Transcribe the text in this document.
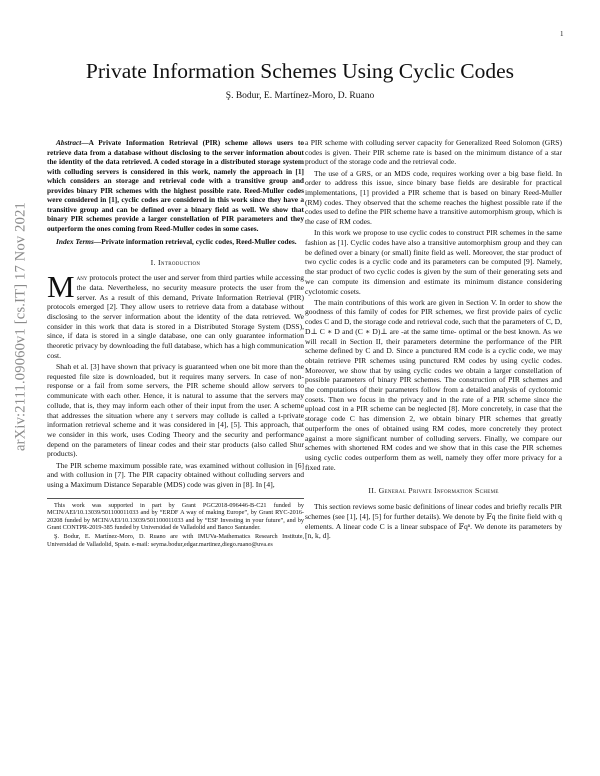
1
arXiv:2111.09060v1 [cs.IT] 17 Nov 2021
Private Information Schemes Using Cyclic Codes
Ş. Bodur, E. Martínez-Moro, D. Ruano

Abstract—A Private Information Retrieval (PIR) scheme allows users to retrieve data from a database without disclosing to the server information about the identity of the data retrieved. A coded storage in a distributed storage system with colluding servers is considered in this work, namely the approach in [1] which considers an storage and retrieval code with a transitive group and provides binary PIR schemes with the highest possible rate. Reed-Muller codes were considered in [1], cyclic codes are considered in this work since they have a transitive group and can be defined over a binary field as well. We show that binary PIR schemes provide a larger constellation of PIR parameters and they outperform the ones coming from Reed-Muller codes in some cases.

Index Terms—Private information retrieval, cyclic codes, Reed-Muller codes.

I. Introduction

Many protocols protect the user and server from third parties while accessing the data. Nevertheless, no security measure protects the user from the server. As a result of this demand, Private Information Retrieval (PIR) protocols emerged [2]. They allow users to retrieve data from a database without disclosing to the server information about the identity of the data retrieved. We consider in this work that data is stored in a Distributed Storage System (DSS), since, if data is stored in a single database, one can only guarantee information theoretic privacy by downloading the full database, which has a high communication cost.

Shah et al. [3] have shown that privacy is guaranteed when one bit more than the requested file size is downloaded, but it requires many servers. In case of non-response or a fail from some servers, the PIR scheme should allow servers to communicate with each other. Hence, it is natural to assume that the servers may collude, that is, they may inform each other of their input from the user. A scheme that addresses the situation where any t servers may collude is called a t-private information retrieval scheme and it was considered in [4], [5]. This approach, that we consider in this work, uses Coding Theory and the security and performance depend on the parameters of linear codes and their star products (also called Shur products).

The PIR scheme maximum possible rate, was examined without collusion in [6] and with collusion in [7]. The PIR capacity obtained without colluding servers and using a Maximum Distance Separable (MDS) code was given in [8]. In [4],

This work was supported in part by Grant PGC2018-096446-B-C21 funded by MCIN/AEI/10.13039/501100011033 and by “ERDF A way of making Europe”, by Grant RYC-2016-20208 funded by MCIN/AEI/10.13039/501100011033 and by “ESF Investing in your future”, and by Grant CONTPR-2019-385 funded by Universidad de Valladolid and Banco Santander.

Ş. Bodur, E. Martínez-Moro, D. Ruano are with IMUVa-Mathematics Research Institute, Universidad de Valladolid, Spain. e-mail: seyma.bodur,edgar.martinez,diego.ruano@uva.es

a PIR scheme with colluding server capacity for Generalized Reed Solomon (GRS) codes is given. Their PIR scheme rate is based on the minimum distance of a star product of the storage code and the retrieval code.

The use of a GRS, or an MDS code, requires working over a big base field. In order to address this issue, since binary base fields are desirable for practical implementations, [1] provided a PIR scheme that is based on binary Reed-Muller (RM) codes. They observed that the scheme reaches the highest possible rate if the codes used to define the PIR scheme have a transitive automorphism group, which is the case of RM codes.

In this work we propose to use cyclic codes to construct PIR schemes in the same fashion as [1]. Cyclic codes have also a transitive automorphism group and they can be defined over a binary (or small) finite field as well. Moreover, the star product of two cyclic codes is a cyclic code and its parameters can be computed [9]. Namely, the star product of two cyclic codes is given by the sum of their generating sets and we can compute its dimension and estimate its minimum distance considering cyclotomic cosets.

The main contributions of this work are given in Section V. In order to show the goodness of this family of codes for PIR schemes, we first provide pairs of cyclic codes C and D, the storage code and retrieval code, such that the parameters of C, D, D⊥ C ∗ D and (C ∗ D)⊥ are -at the same time- optimal or the best known. As we will recall in Section II, their parameters determine the performance of the PIR scheme defined by C and D. Since a punctured RM code is a cyclic code, we may obtain retrieve PIR schemes using punctured RM codes by using cyclic codes. Moreover, we show that by using cyclic codes we obtain a larger constellation of possible parameters of binary PIR schemes. The construction of PIR schemes and the computations of their parameters follow from a detailed analysis of cyclotomic cosets. Then we focus in the privacy and in the rate of a PIR scheme since the upload cost in a PIR scheme can be neglected [8]. More concretely, in case that the storage code C has dimension 2, we obtain binary PIR schemes that greatly outperform the ones of obtained using RM codes, more concretely they protect against a more significant number of colluding servers. Finally, we compare our schemes with shortened RM codes and we show that in this case the PIR schemes using cyclic codes outperform them as well, namely they offer more privacy for a fixed rate.

II. General Private Information Scheme

This section reviews some basic definitions of linear codes and briefly recalls PIR schemes (see [1], [4], [5] for further details). We denote by 𝔽q the finite field with q elements. A linear code C is a linear subspace of 𝔽qⁿ. We denote its parameters by [n, k, d].
